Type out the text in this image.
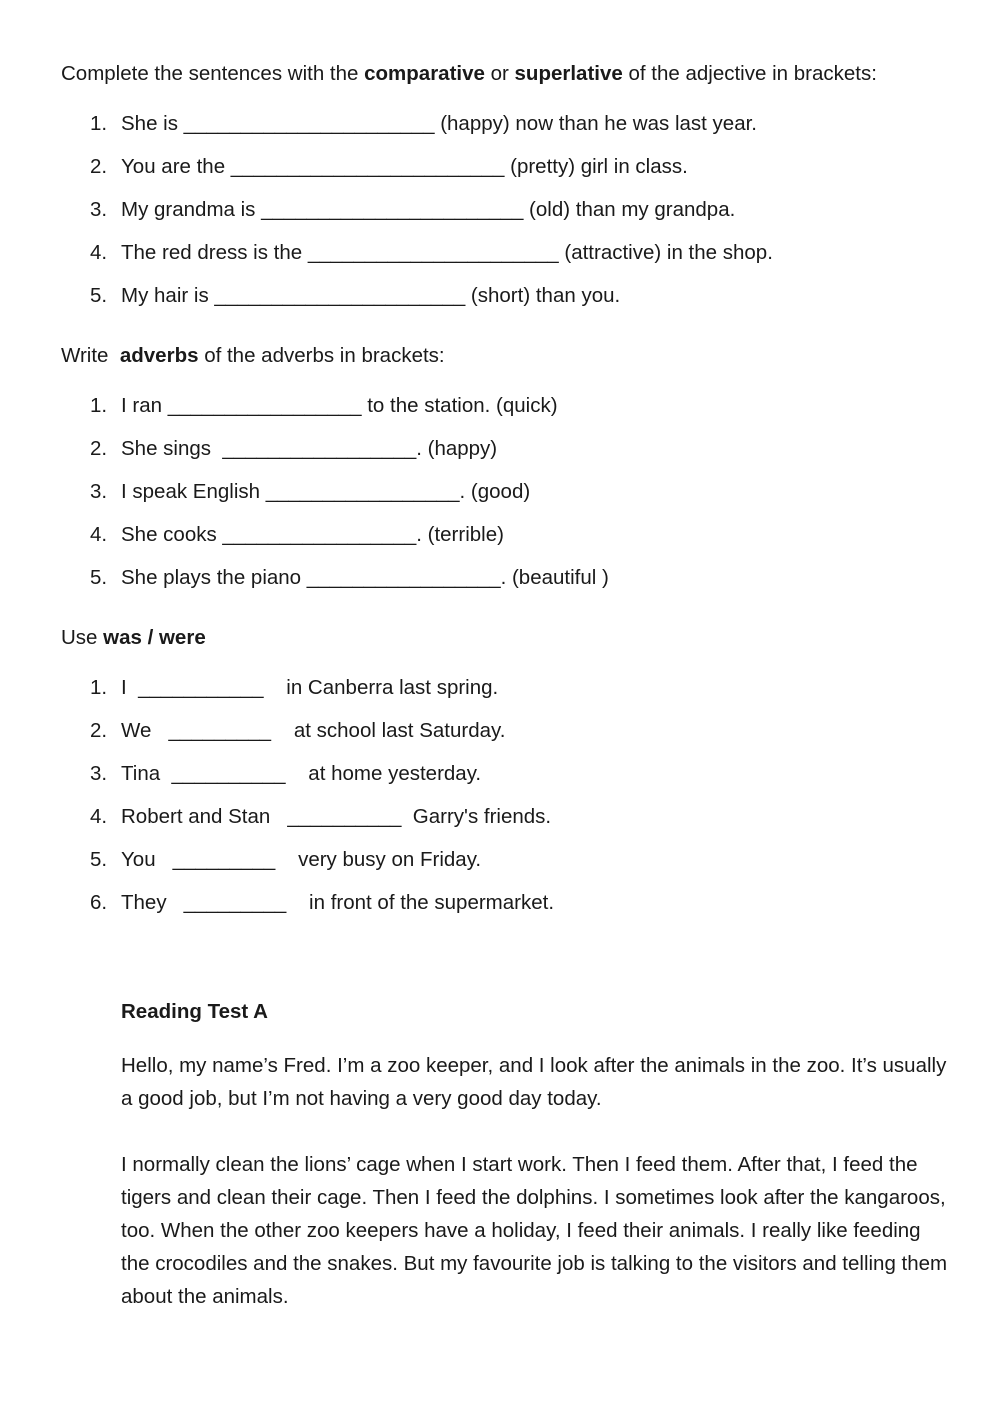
Complete the sentences with the comparative or superlative of the adjective in brackets:
1. She is ______________________ (happy) now than he was last year.
2. You are the ________________________ (pretty) girl in class.
3. My grandma is _______________________ (old) than my grandpa.
4. The red dress is the ______________________ (attractive) in the shop.
5. My hair is ______________________ (short) than you.
Write  adverbs of the adverbs in brackets:
1. I ran _________________ to the station. (quick)
2. She sings  _________________. (happy)
3. I speak English _________________. (good)
4. She cooks _________________. (terrible)
5. She plays the piano _________________. (beautiful )
Use was / were
1. I  ___________    in Canberra last spring.
2. We   _________    at school last Saturday.
3. Tina  __________    at home yesterday.
4. Robert and Stan   __________  Garry's friends.
5. You   _________    very busy on Friday.
6. They   _________    in front of the supermarket.
Reading Test A

Hello, my name’s Fred. I’m a zoo keeper, and I look after the animals in the zoo. It’s usually a good job, but I’m not having a very good day today.

I normally clean the lions’ cage when I start work. Then I feed them. After that, I feed the tigers and clean their cage. Then I feed the dolphins. I sometimes look after the kangaroos, too. When the other zoo keepers have a holiday, I feed their animals. I really like feeding the crocodiles and the snakes. But my favourite job is talking to the visitors and telling them about the animals.
